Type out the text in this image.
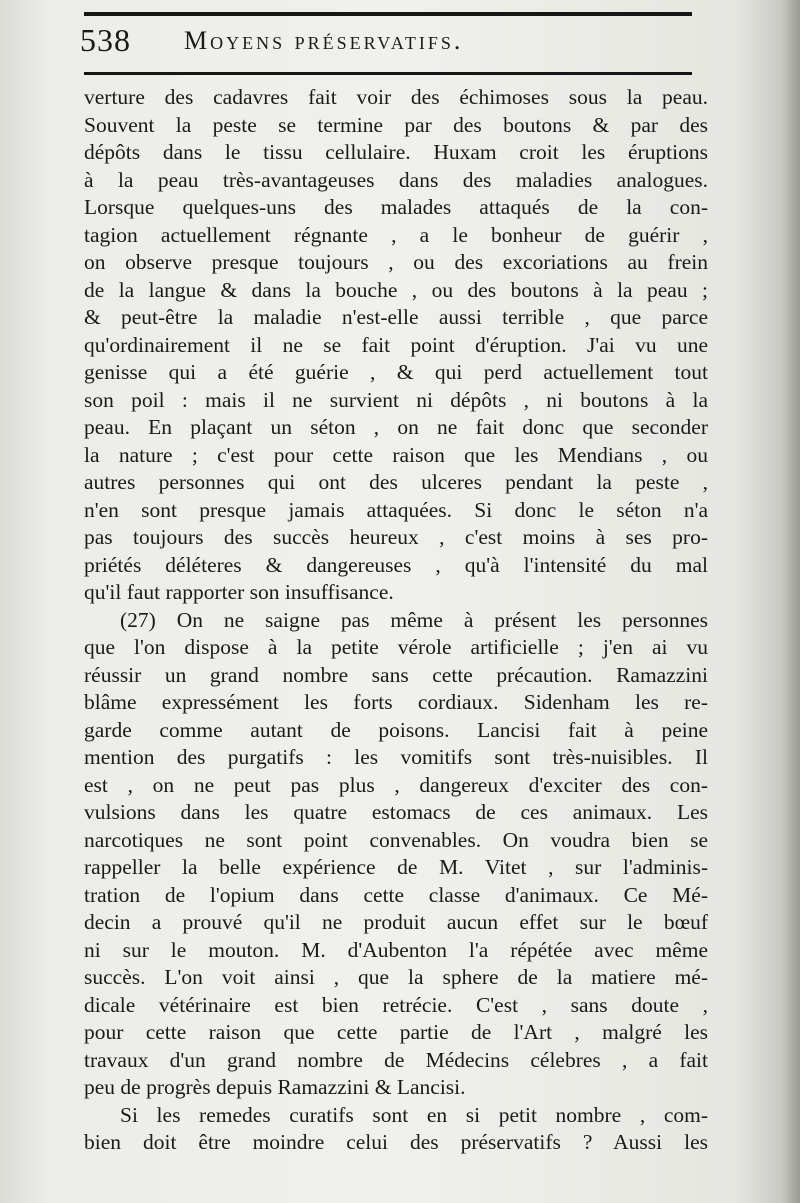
538 Moyens préservatifs.
verture des cadavres fait voir des échimoses sous la peau.
Souvent la peste se termine par des boutons & par des
dépôts dans le tissu cellulaire. Huxam croit les éruptions
à la peau très-avantageuses dans des maladies analogues.
Lorsque quelques-uns des malades attaqués de la con-
tagion actuellement régnante , a le bonheur de guérir ,
on observe presque toujours , ou des excoriations au frein
de la langue & dans la bouche , ou des boutons à la peau ;
& peut-être la maladie n'est-elle aussi terrible , que parce
qu'ordinairement il ne se fait point d'éruption. J'ai vu une
genisse qui a été guérie , & qui perd actuellement tout
son poil : mais il ne survient ni dépôts , ni boutons à la
peau. En plaçant un séton , on ne fait donc que seconder
la nature ; c'est pour cette raison que les Mendians , ou
autres personnes qui ont des ulceres pendant la peste ,
n'en sont presque jamais attaquées. Si donc le séton n'a
pas toujours des succès heureux , c'est moins à ses pro-
priétés déléteres & dangereuses , qu'à l'intensité du mal
qu'il faut rapporter son insuffisance.
(27) On ne saigne pas même à présent les personnes
que l'on dispose à la petite vérole artificielle ; j'en ai vu
réussir un grand nombre sans cette précaution. Ramazzini
blâme expressément les forts cordiaux. Sidenham les re-
garde comme autant de poisons. Lancisi fait à peine
mention des purgatifs : les vomitifs sont très-nuisibles. Il
est , on ne peut pas plus , dangereux d'exciter des con-
vulsions dans les quatre estomacs de ces animaux. Les
narcotiques ne sont point convenables. On voudra bien se
rappeller la belle expérience de M. Vitet , sur l'adminis-
tration de l'opium dans cette classe d'animaux. Ce Mé-
decin a prouvé qu'il ne produit aucun effet sur le bœuf
ni sur le mouton. M. d'Aubenton l'a répétée avec même
succès. L'on voit ainsi , que la sphere de la matiere mé-
dicale vétérinaire est bien retrécie. C'est , sans doute ,
pour cette raison que cette partie de l'Art , malgré les
travaux d'un grand nombre de Médecins célebres , a fait
peu de progrès depuis Ramazzini & Lancisi.
Si les remedes curatifs sont en si petit nombre , com-
bien doit être moindre celui des préservatifs ? Aussi les
